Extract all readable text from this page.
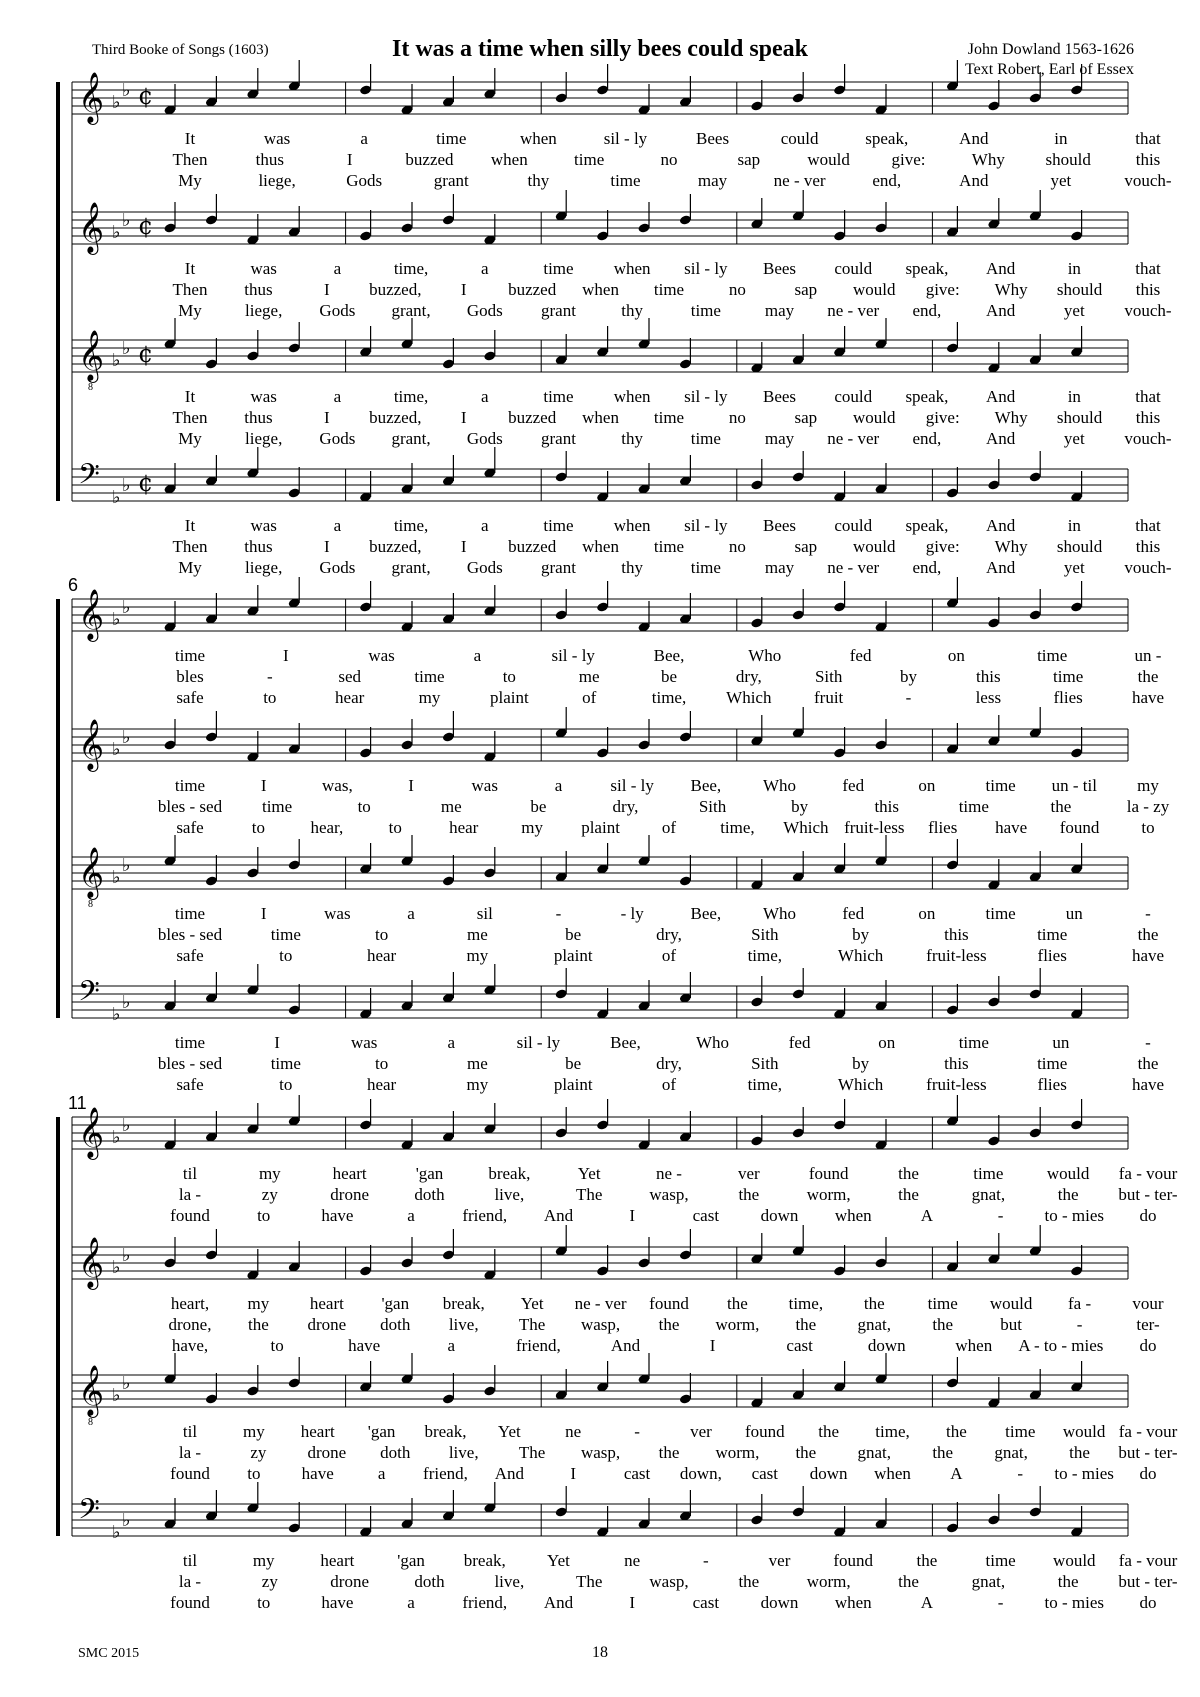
Third Booke of Songs (1603)	It was a time when silly bees could speak	John Dowland 1563-1626
Text Robert, Earl of Essex
𝄞 ♭
♭ ¢
It	was	a	time	when	sil - ly	Bees	could	speak,	And	in	that
Then	thus	I	buzzed when	time	no	sap	would give:	Why should	this
My	liege,	Gods	grant	thy	time	may	ne - ver	end,	And	yet	vouch-
𝄞 ♭
♭ ¢
It	was	a	time,	a	time when sil - ly Bees could speak, And	in	that
Then thus	I buzzed, I buzzed when time	no	sap would give: Why should this
My	liege, Gods grant, Gods grant	thy	time	may ne - ver end,	And	yet vouch-
𝄞
8
♭
♭ ¢
It	was	a	time,	a	time when sil - ly Bees could speak, And	in	that
Then thus	I buzzed, I buzzed when time	no	sap would give: Why should this
My	liege, Gods grant, Gods grant	thy	time	may ne - ver end,	And	yet vouch-
𝄢 ♭
♭ ¢
It	was	a	time,	a	time when sil - ly Bees could speak, And	in	that
Then thus	I buzzed, I buzzed when time	no	sap would give: Why should this
My	liege, Gods grant, Gods grant	thy	time	may ne - ver end,	And	yet vouch-
6
𝄞 ♭
♭
time	I	was	a	sil - ly	Bee,	Who	fed	on	time	un -
bles	-	sed	time	to	me	be	dry,	Sith	by	this	time	the
safe	to	hear	my	plaint	of	time, Which	fruit	-	less	flies	have
𝄞 ♭
♭
time	I	was,	I	was	a	sil - ly Bee, Who	fed	on	time un - til my
bles - sed time	to	me	be	dry,	Sith	by	this	time	the	la - zy
safe	to	hear,	to	hear	my plaint of	time, Which fruit-less flies have found to
𝄞
8
♭
♭
time	I	was	a	sil	-	- ly	Bee, Who	fed	on	time	un	-
bles - sed	time	to	me	be	dry,	Sith	by	this	time	the
safe	to	hear	my	plaint	of	time,	Which	fruit-less	flies	have
𝄢 ♭
♭
time	I	was	a	sil - ly	Bee,	Who	fed	on	time	un	-
bles - sed	time	to	me	be	dry,	Sith	by	this	time	the
safe	to	hear	my	plaint	of	time,	Which	fruit-less	flies	have
11
𝄞 ♭
♭
til	my	heart	'gan	break,	Yet	ne -	ver	found	the	time	would fa - vour
la -	zy	drone	doth	live,	The	wasp,	the	worm,	the	gnat,	the but - ter-
found	to	have	a	friend, And	I	cast down when	A	- to - mies do
𝄞 ♭
♭
heart, my heart 'gan break, Yet ne - ver found the time, the	time would fa - vour
drone, the drone doth live, The wasp, the worm, the gnat, the	but	-	ter-
have,	to	have	a	friend,	And	I	cast	down	when A - to - mies do
𝄞
8
♭
♭
til	my heart 'gan break, Yet	ne	-	ver found the time, the time would fa - vour
la -	zy drone doth live, The wasp, the worm, the gnat, the gnat, the but - ter-
found to have	a friend, And	I	cast down, cast down when A	- to - mies do
𝄢 ♭
♭
til	my	heart	'gan break, Yet	ne	-	ver	found	the	time would fa - vour
la -	zy	drone	doth	live,	The	wasp,	the	worm,	the	gnat,	the but - ter-
found	to	have	a	friend, And	I	cast down when	A	- to - mies do
SMC 2015	18
